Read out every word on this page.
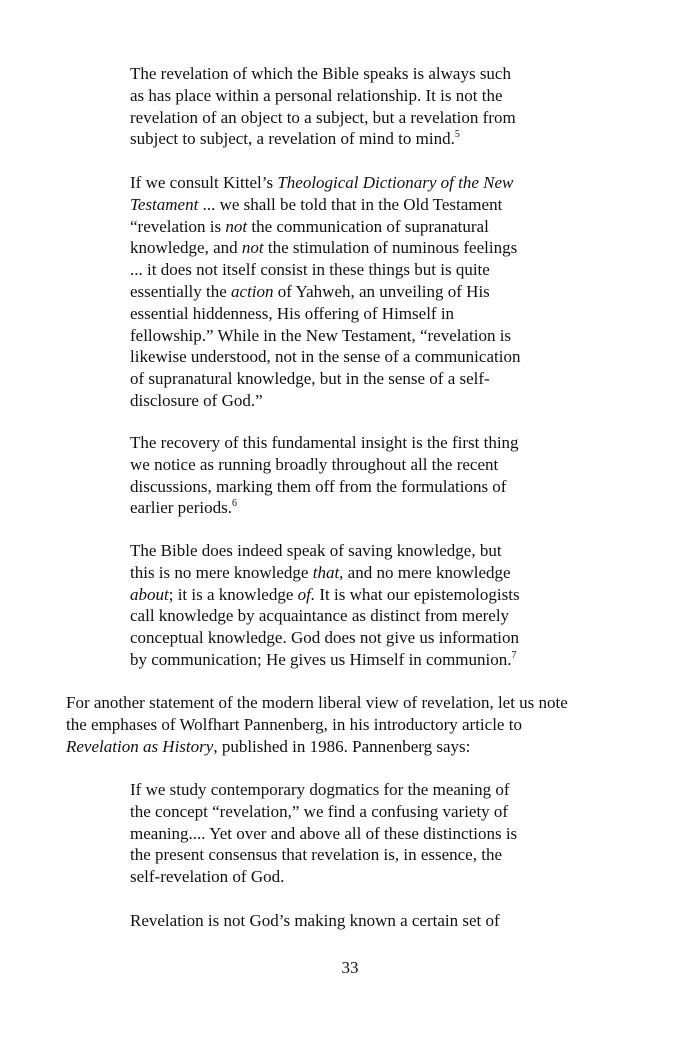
The revelation of which the Bible speaks is always such
as has place within a personal relationship. It is not the
revelation of an object to a subject, but a revelation from
subject to subject, a revelation of mind to mind.$^5$
If we consult Kittel’s Theological Dictionary of the New
Testament ... we shall be told that in the Old Testament
“revelation is not the communication of supranatural
knowledge, and not the stimulation of numinous feelings
... it does not itself consist in these things but is quite
essentially the action of Yahweh, an unveiling of His
essential hiddenness, His offering of Himself in
fellowship.” While in the New Testament, “revelation is
likewise understood, not in the sense of a communication
of supranatural knowledge, but in the sense of a self-
disclosure of God.”
The recovery of this fundamental insight is the first thing
we notice as running broadly throughout all the recent
discussions, marking them off from the formulations of
earlier periods.$^6$
The Bible does indeed speak of saving knowledge, but
this is no mere knowledge that, and no mere knowledge
about; it is a knowledge of. It is what our epistemologists
call knowledge by acquaintance as distinct from merely
conceptual knowledge. God does not give us information
by communication; He gives us Himself in communion.$^7$
For another statement of the modern liberal view of revelation, let us note
the emphases of Wolfhart Pannenberg, in his introductory article to
Revelation as History, published in 1986. Pannenberg says:
If we study contemporary dogmatics for the meaning of
the concept “revelation,” we find a confusing variety of
meaning.... Yet over and above all of these distinctions is
the present consensus that revelation is, in essence, the
self-revelation of God.
Revelation is not God’s making known a certain set of
33
